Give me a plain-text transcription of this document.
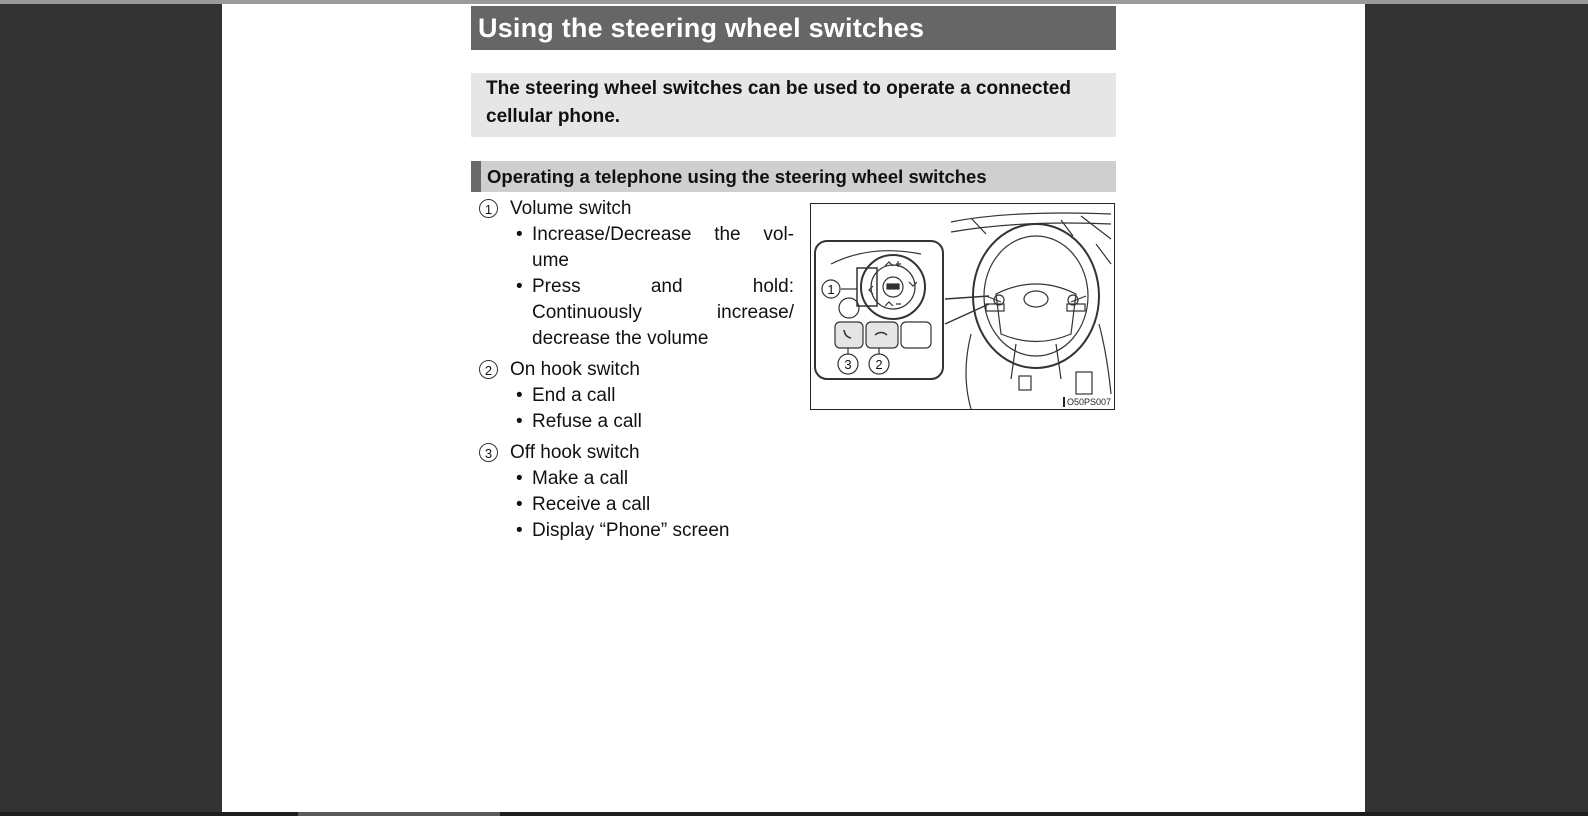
Using the steering wheel switches
The steering wheel switches can be used to operate a connected cellular phone.
Operating a telephone using the steering wheel switches
1 Volume switch
• Increase/Decrease the vol-
ume
• Press and hold:
Continuously increase/
decrease the volume
2 On hook switch
• End a call
• Refuse a call
3 Off hook switch
• Make a call
• Receive a call
• Display “Phone” screen
1
3 2
O50PS007
